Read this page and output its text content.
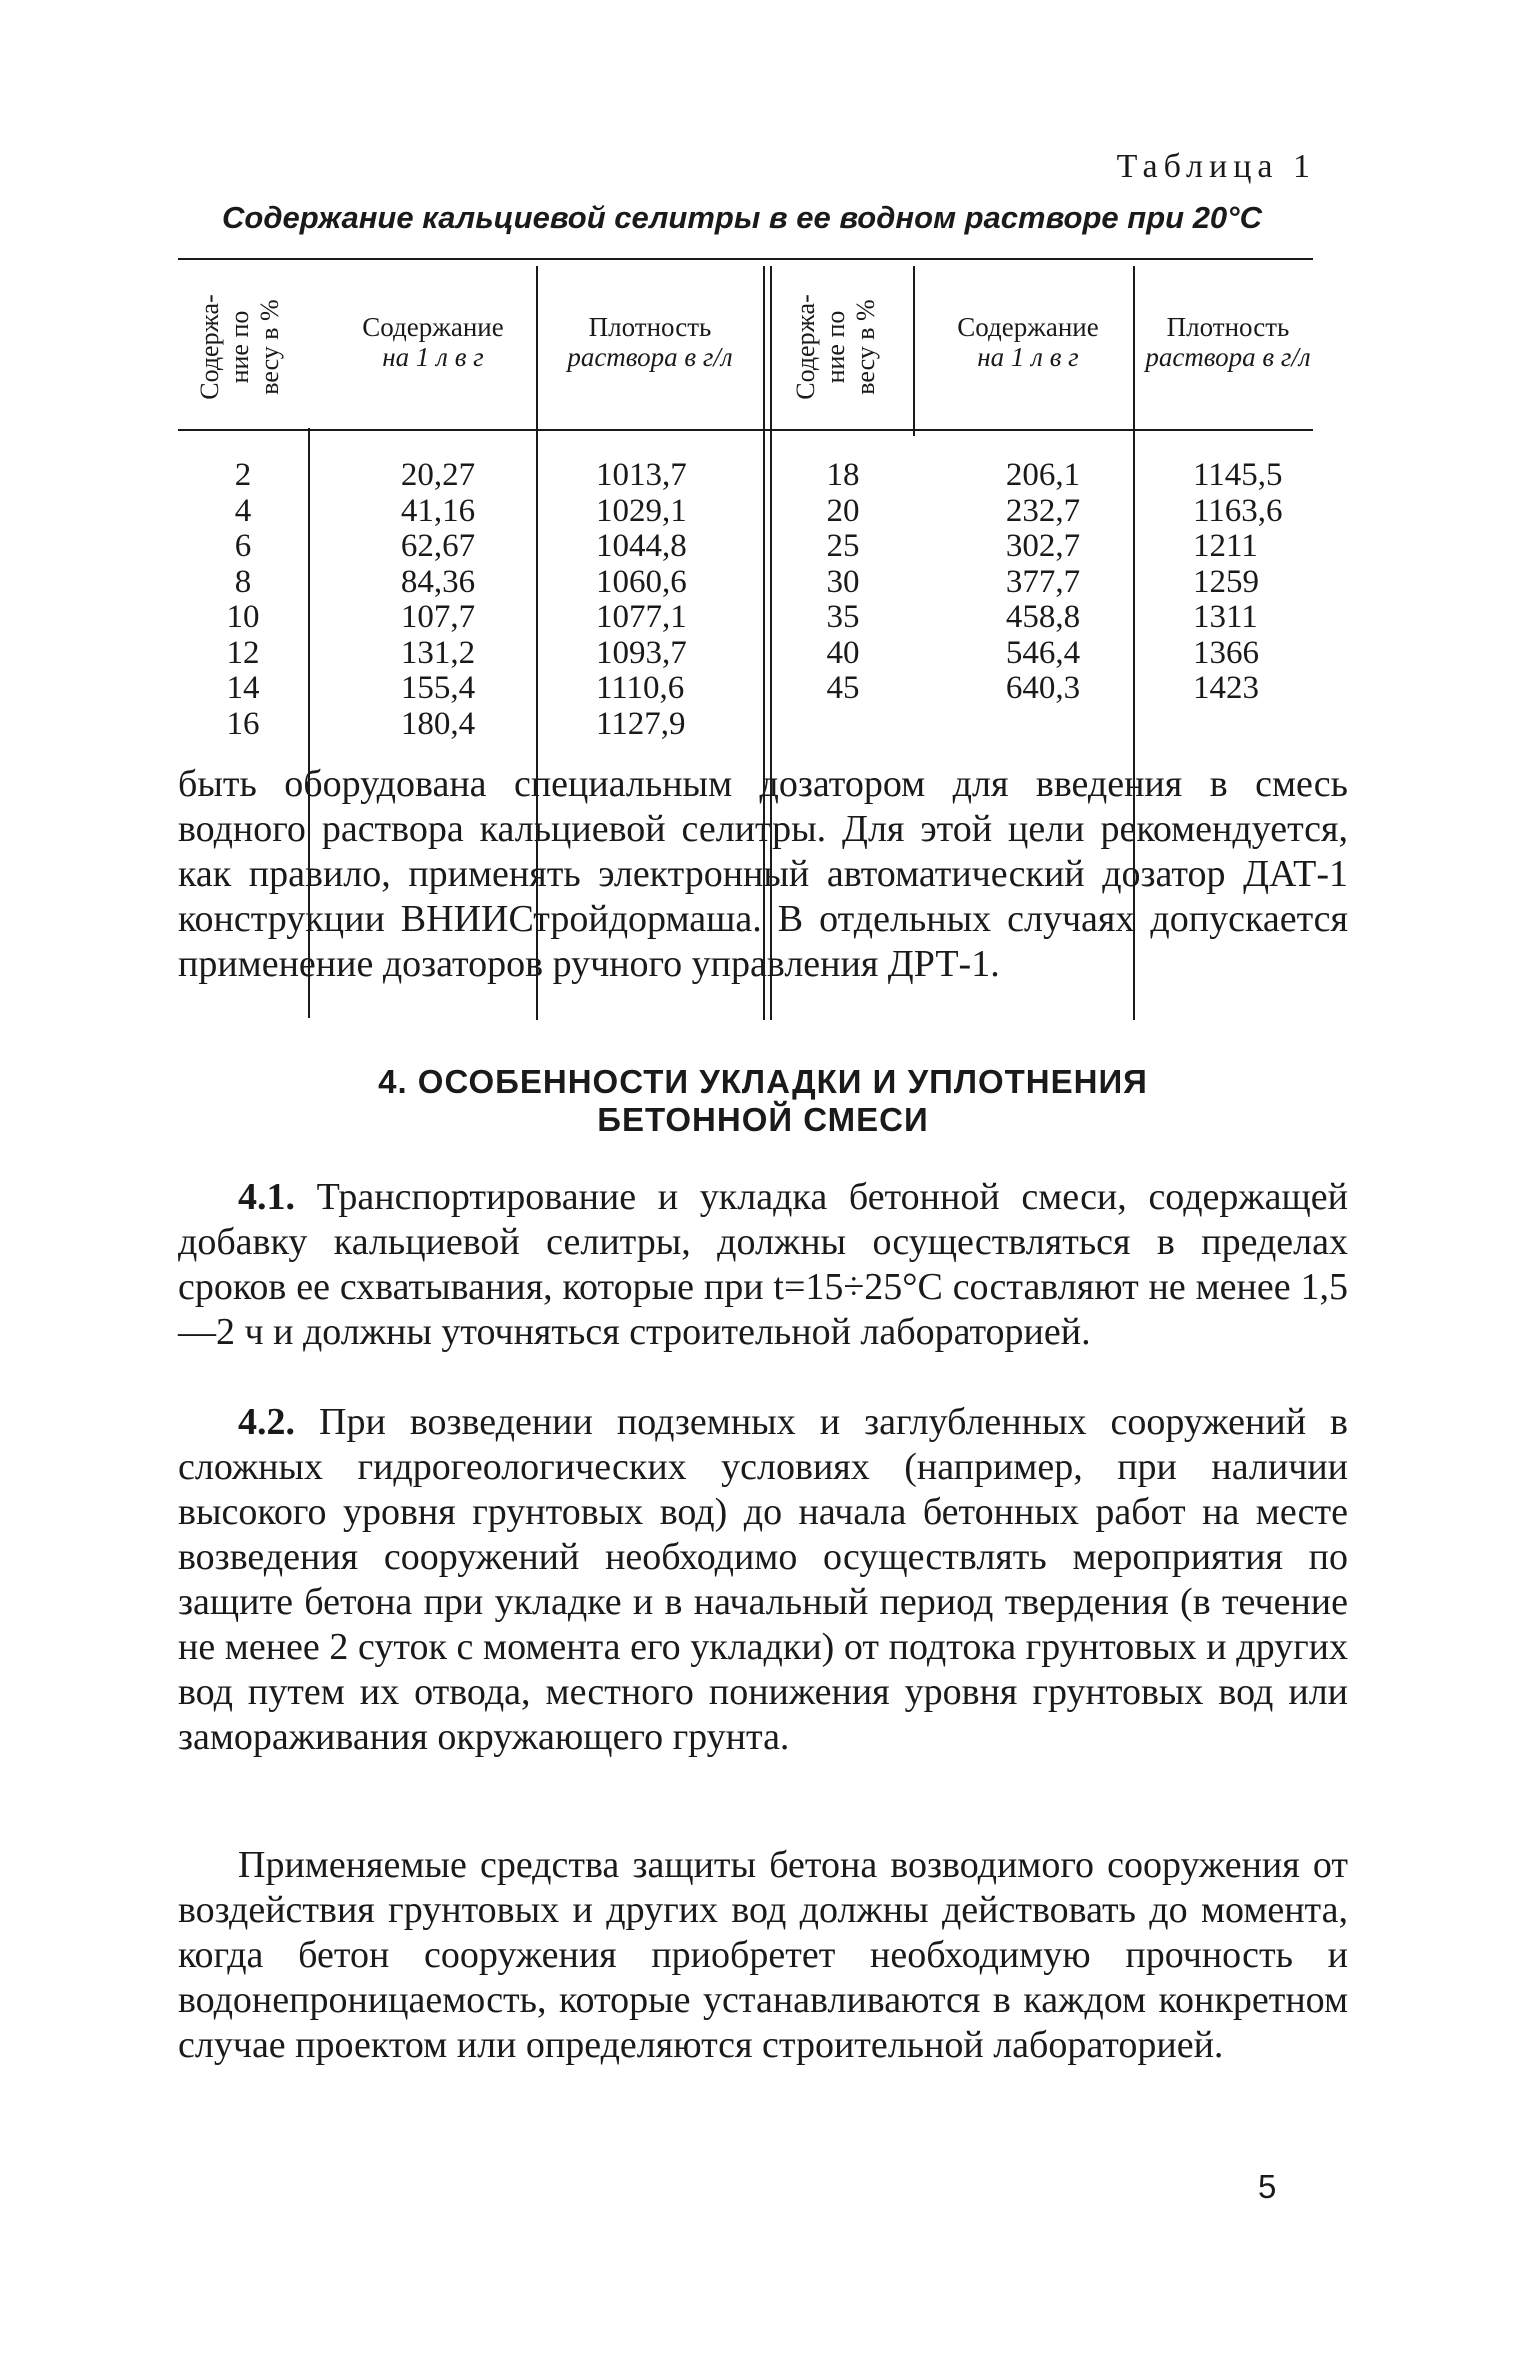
Таблица 1
Содержание кальциевой селитры в ее водном растворе при 20°С
Содержа-
ние по
весу в %
Содержание
на 1 л в г
Плотность
раствора в г/л	Содержа-
ние по
весу в %
Содержание
на 1 л в г
Плотность
раствора в г/л
2
4
6
8
10
12
14
16
20,27
41,16
62,67
84,36
107,7
131,2
155,4
180,4
1013,7
1029,1
1044,8
1060,6
1077,1
1093,7
1110,6
1127,9
18
20
25
30
35
40
45
206,1
232,7
302,7
377,7
458,8
546,4
640,3
1145,5
1163,6
1211
1259
1311
1366
1423

быть оборудована специальным дозатором для введения в смесь водного раствора кальциевой селитры. Для этой цели рекомендуется, как правило, применять электронный автоматический дозатор ДАТ-1 конструкции ВНИИСтройдормаша. В отдельных случаях допускается применение дозаторов ручного управления ДРТ-1.

4. ОСОБЕННОСТИ УКЛАДКИ И УПЛОТНЕНИЯ
БЕТОННОЙ СМЕСИ

4.1. Транспортирование и укладка бетонной смеси, содержащей добавку кальциевой селитры, должны осуществляться в пределах сроков ее схватывания, которые при t=15÷25°С составляют не менее 1,5—2 ч и должны уточняться строительной лабораторией.

4.2. При возведении подземных и заглубленных сооружений в сложных гидрогеологических условиях (например, при наличии высокого уровня грунтовых вод) до начала бетонных работ на месте возведения сооружений необходимо осуществлять мероприятия по защите бетона при укладке и в начальный период твердения (в течение не менее 2 суток с момента его укладки) от подтока грунтовых и других вод путем их отвода, местного понижения уровня грунтовых вод или замораживания окружающего грунта.

Применяемые средства защиты бетона возводимого сооружения от воздействия грунтовых и других вод должны действовать до момента, когда бетон сооружения приобретет необходимую прочность и водонепроницаемость, которые устанавливаются в каждом конкретном случае проектом или определяются строительной лабораторией.

5
